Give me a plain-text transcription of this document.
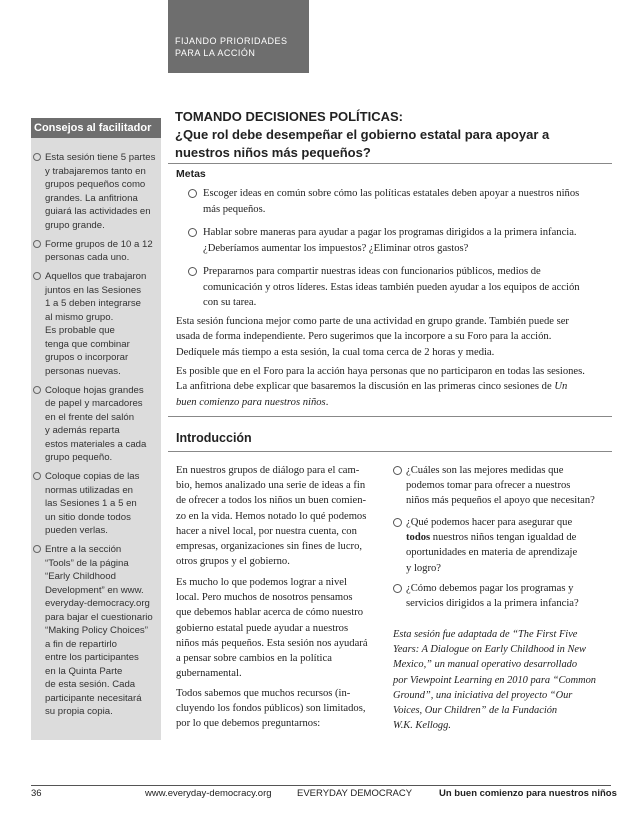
FIJANDO PRIORIDADES
PARA LA ACCIÓN
Consejos al facilitador
Esta sesión tiene 5 partes
y trabajaremos tanto en
grupos pequeños como
grandes. La anfitriona
guiará las actividades en
grupo grande.
Forme grupos de 10 a 12
personas cada uno.
Aquellos que trabajaron
juntos en las Sesiones
1 a 5 deben integrarse
al mismo grupo.
Es probable que
tenga que combinar
grupos o incorporar
personas nuevas.
Coloque hojas grandes
de papel y marcadores
en el frente del salón
y además reparta
estos materiales a cada
grupo pequeño.
Coloque copias de las
normas utilizadas en
las Sesiones 1 a 5 en
un sitio donde todos
pueden verlas.
Entre a la sección
“Tools” de la página
“Early Childhood
Development” en www.
everyday-democracy.org
para bajar el cuestionario
“Making Policy Choices”
a fin de repartirlo
entre los participantes
en la Quinta Parte
de esta sesión. Cada
participante necesitará
su propia copia.
TOMANDO DECISIONES POLÍTICAS:
¿Que rol debe desempeñar el gobierno estatal para apoyar a
nuestros niños más pequeños?
Metas
Escoger ideas en común sobre cómo las políticas estatales deben apoyar a nuestros niños
más pequeños.
Hablar sobre maneras para ayudar a pagar los programas dirigidos a la primera infancia.
¿Deberíamos aumentar los impuestos? ¿Eliminar otros gastos?
Prepararnos para compartir nuestras ideas con funcionarios públicos, medios de
comunicación y otros líderes. Estas ideas también pueden ayudar a los equipos de acción
con su tarea.
Esta sesión funciona mejor como parte de una actividad en grupo grande. También puede ser
usada de forma independiente. Pero sugerimos que la incorpore a su Foro para la acción.
Dedíquele más tiempo a esta sesión, la cual toma cerca de 2 horas y media.
Es posible que en el Foro para la acción haya personas que no participaron en todas las sesiones.
La anfitriona debe explicar que basaremos la discusión en las primeras cinco sesiones de Un
buen comienzo para nuestros niños.
Introducción
En nuestros grupos de diálogo para el cam-
bio, hemos analizado una serie de ideas a fin
de ofrecer a todos los niños un buen comien-
zo en la vida. Hemos notado lo qué podemos
hacer a nivel local, por nuestra cuenta, con
empresas, organizaciones sin fines de lucro,
otros grupos y el gobierno.
Es mucho lo que podemos lograr a nivel
local. Pero muchos de nosotros pensamos
que debemos hablar acerca de cómo nuestro
gobierno estatal puede ayudar a nuestros
niños más pequeños. Esta sesión nos ayudará
a pensar sobre cambios en la política
gubernamental.
Todos sabemos que muchos recursos (in-
cluyendo los fondos públicos) son limitados,
por lo que debemos preguntarnos:
¿Cuáles son las mejores medidas que
podemos tomar para ofrecer a nuestros
niños más pequeños el apoyo que necesitan?
¿Qué podemos hacer para asegurar que
todos nuestros niños tengan igualdad de
oportunidades en materia de aprendizaje
y logro?
¿Cómo debemos pagar los programas y
servicios dirigidos a la primera infancia?
Esta sesión fue adaptada de “The First Five
Years: A Dialogue on Early Childhood in New
Mexico,” un manual operativo desarrollado
por Viewpoint Learning en 2010 para “Common
Ground”, una iniciativa del proyecto “Our
Voices, Our Children” de la Fundación
W.K. Kellogg.
36	www.everyday-democracy.org	EVERYDAY DEMOCRACY	Un buen comienzo para nuestros niños
